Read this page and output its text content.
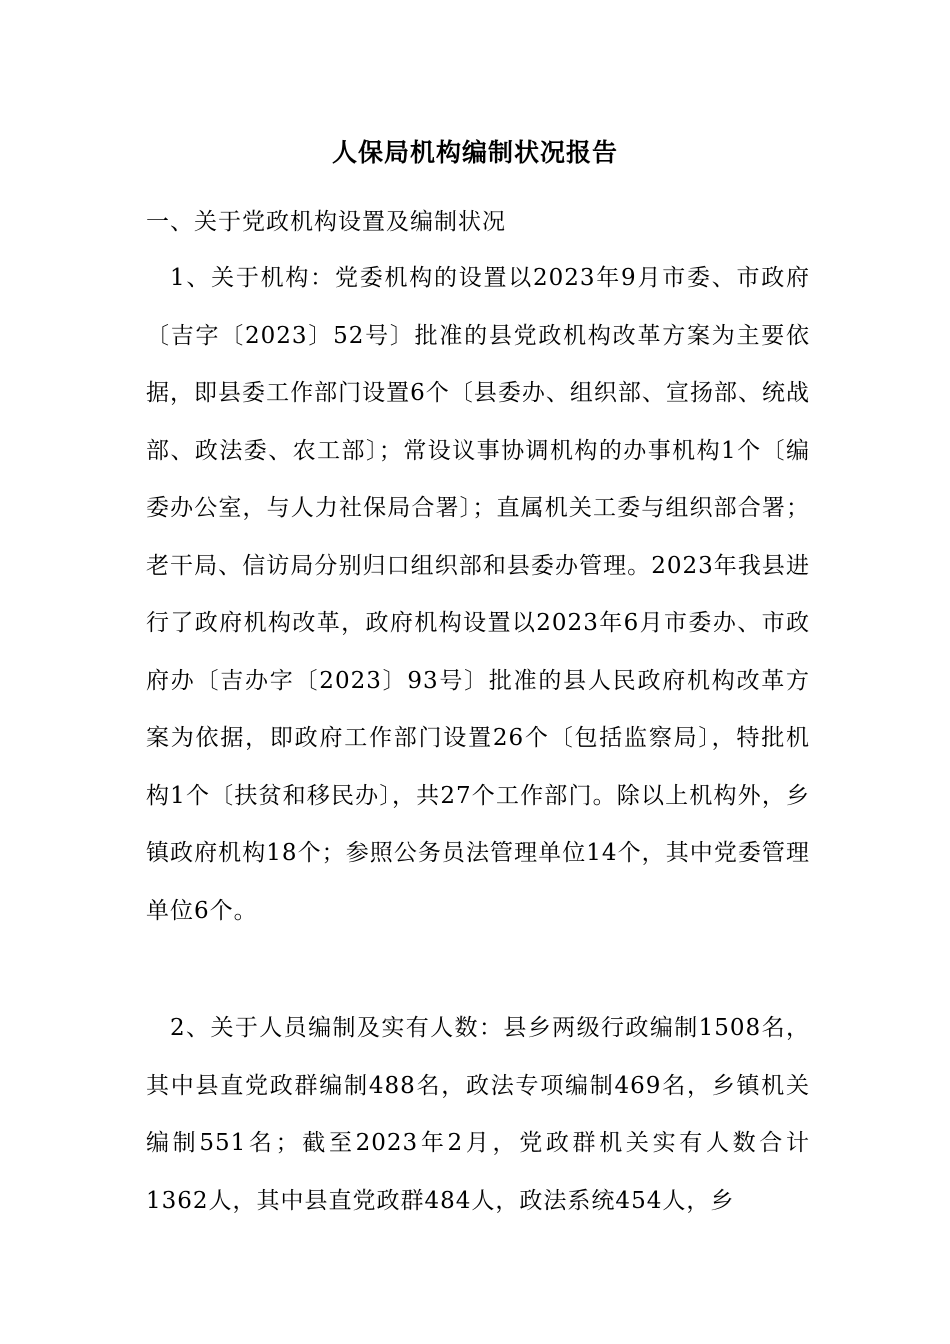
人保局机构编制状况报告
一、关于党政机构设置及编制状况

1、关于机构：党委机构的设置以2023年9月市委、市政府〔吉字〔2023〕52号〕批准的县党政机构改革方案为主要依据，即县委工作部门设置6个〔县委办、组织部、宣扬部、统战部、政法委、农工部〕；常设议事协调机构的办事机构1个〔编委办公室，与人力社保局合署〕；直属机关工委与组织部合署；老干局、信访局分别归口组织部和县委办管理。2023年我县进行了政府机构改革，政府机构设置以2023年6月市委办、市政府办〔吉办字〔2023〕93号〕批准的县人民政府机构改革方案为依据，即政府工作部门设置26个〔包括监察局〕，特批机构1个〔扶贫和移民办〕，共27个工作部门。除以上机构外，乡镇政府机构18个；参照公务员法管理单位14个，其中党委管理单位6个。

2、关于人员编制及实有人数：县乡两级行政编制1508名，其中县直党政群编制488名，政法专项编制469名，乡镇机关编制551名；截至2023年2月，党政群机关实有人数合计1362人，其中县直党政群484人，政法系统454人，乡
